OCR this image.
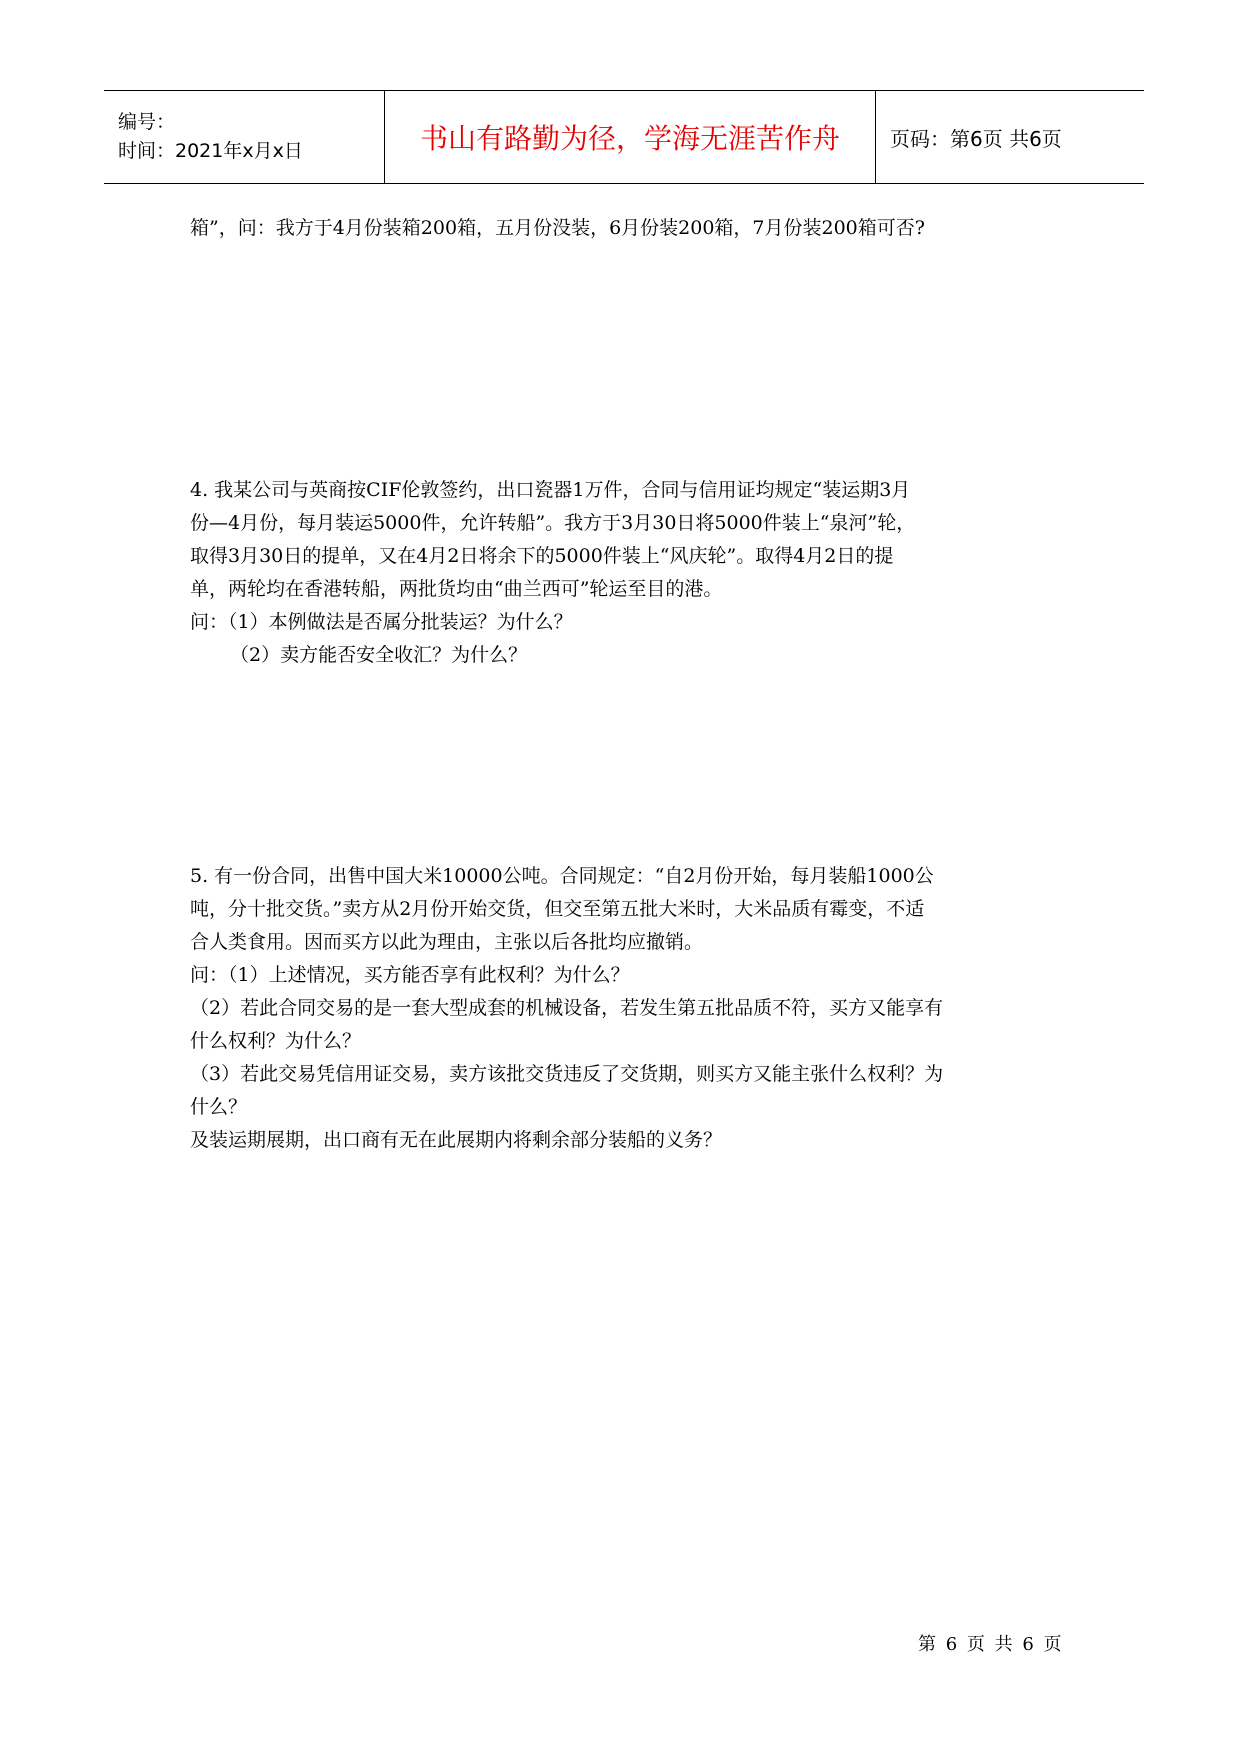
编号：
时间：2021年x月x日	书山有路勤为径，学海无涯苦作舟	页码：第6页 共6页

箱”，问：我方于4月份装箱200箱，五月份没装，6月份装200箱，7月份装200箱可否?

4. 我某公司与英商按CIF伦敦签约，出口瓷器1万件，合同与信用证均规定“装运期3月

份—4月份，每月装运5000件，允许转船”。我方于3月30日将5000件装上“泉河”轮，

取得3月30日的提单，又在4月2日将余下的5000件装上“风庆轮”。取得4月2日的提

单，两轮均在香港转船，两批货均由“曲兰西可”轮运至目的港。

问：（1）本例做法是否属分批装运？为什么？

（2）卖方能否安全收汇？为什么？

5. 有一份合同，出售中国大米10000公吨。合同规定：“自2月份开始，每月装船1000公

吨，分十批交货。”卖方从2月份开始交货，但交至第五批大米时，大米品质有霉变，不适

合人类食用。因而买方以此为理由，主张以后各批均应撤销。

问：（1）上述情况，买方能否享有此权利？为什么？

（2）若此合同交易的是一套大型成套的机械设备，若发生第五批品质不符，买方又能享有

什么权利？为什么？

（3）若此交易凭信用证交易，卖方该批交货违反了交货期，则买方又能主张什么权利？为

什么？

及装运期展期，出口商有无在此展期内将剩余部分装船的义务？

第 6 页 共 6 页
